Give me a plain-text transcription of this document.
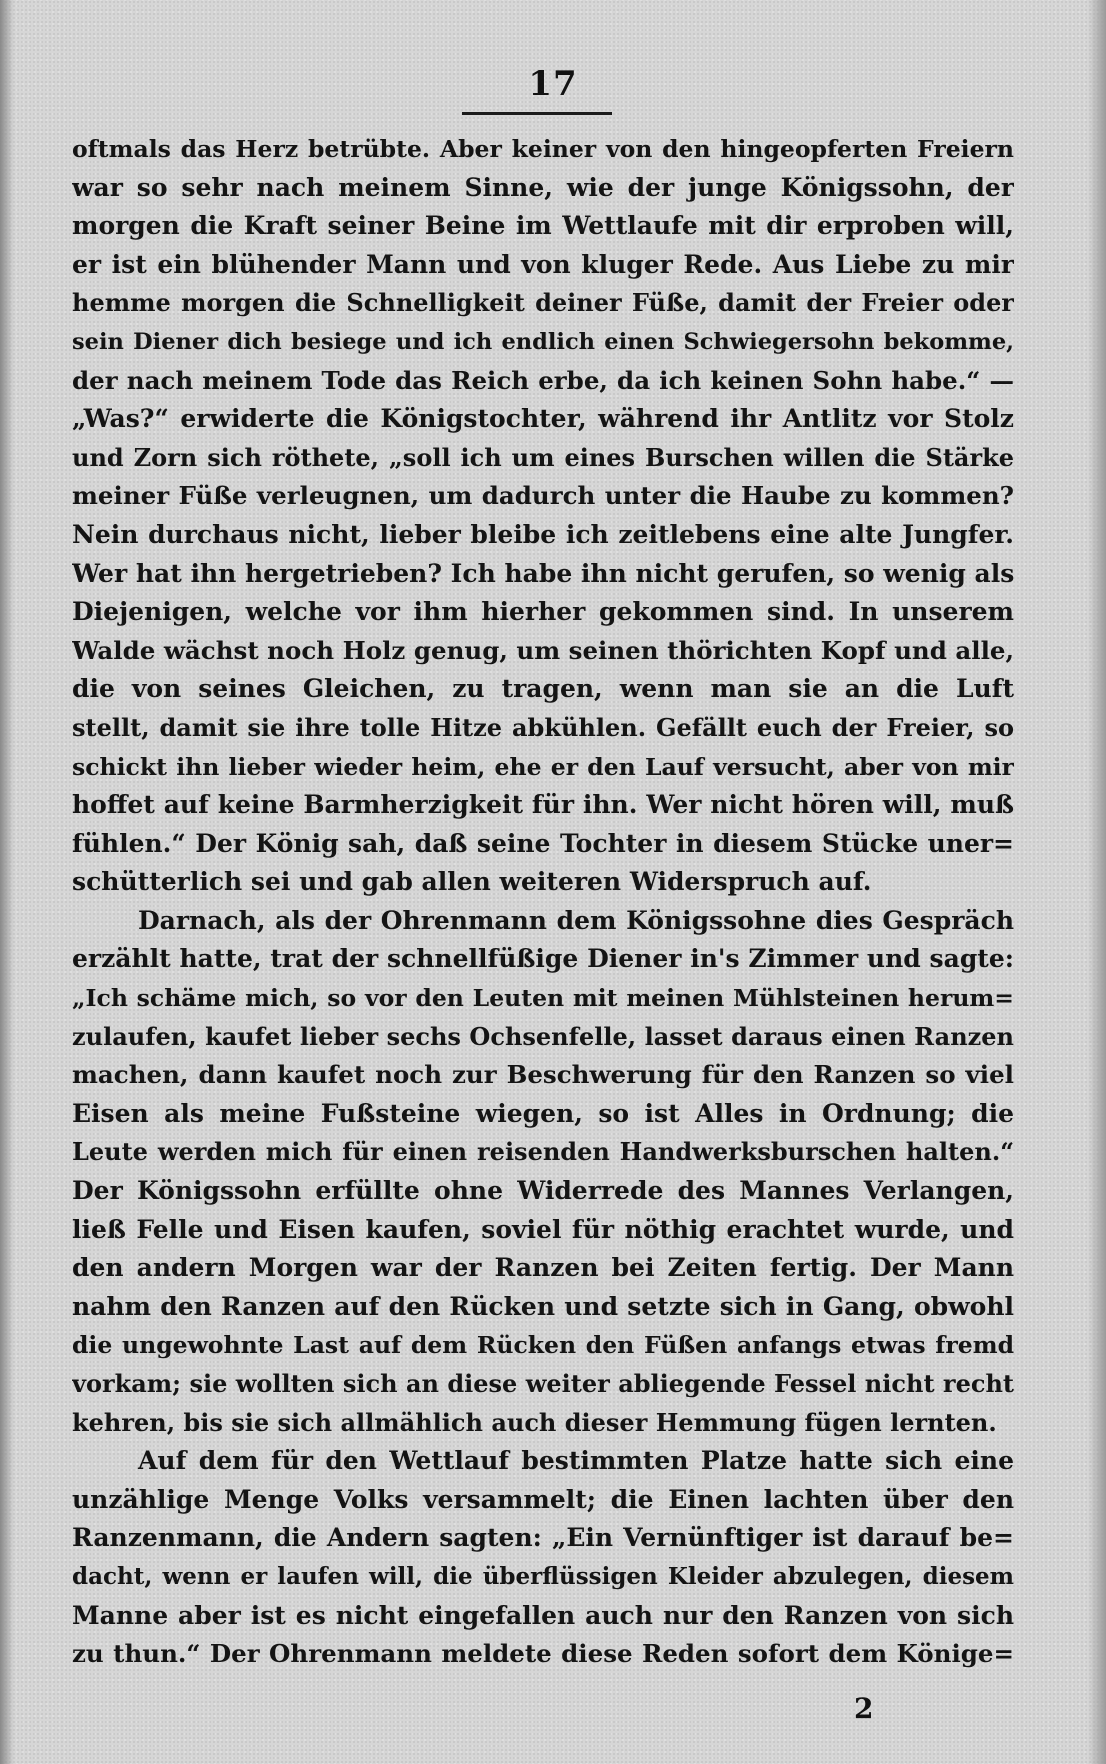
17
oftmals das Herz betrübte. Aber keiner von den hingeopferten Freiern
war so sehr nach meinem Sinne, wie der junge Königssohn, der
morgen die Kraft seiner Beine im Wettlaufe mit dir erproben will,
er ist ein blühender Mann und von kluger Rede. Aus Liebe zu mir
hemme morgen die Schnelligkeit deiner Füße, damit der Freier oder
sein Diener dich besiege und ich endlich einen Schwiegersohn bekomme,
der nach meinem Tode das Reich erbe, da ich keinen Sohn habe.“ —
„Was?“ erwiderte die Königstochter, während ihr Antlitz vor Stolz
und Zorn sich röthete, „soll ich um eines Burschen willen die Stärke
meiner Füße verleugnen, um dadurch unter die Haube zu kommen?
Nein durchaus nicht, lieber bleibe ich zeitlebens eine alte Jungfer.
Wer hat ihn hergetrieben? Ich habe ihn nicht gerufen, so wenig als
Diejenigen, welche vor ihm hierher gekommen sind. In unserem
Walde wächst noch Holz genug, um seinen thörichten Kopf und alle,
die von seines Gleichen, zu tragen, wenn man sie an die Luft
stellt, damit sie ihre tolle Hitze abkühlen. Gefällt euch der Freier, so
schickt ihn lieber wieder heim, ehe er den Lauf versucht, aber von mir
hoffet auf keine Barmherzigkeit für ihn. Wer nicht hören will, muß
fühlen.“ Der König sah, daß seine Tochter in diesem Stücke uner=
schütterlich sei und gab allen weiteren Widerspruch auf.
Darnach, als der Ohrenmann dem Königssohne dies Gespräch
erzählt hatte, trat der schnellfüßige Diener in's Zimmer und sagte:
„Ich schäme mich, so vor den Leuten mit meinen Mühlsteinen herum=
zulaufen, kaufet lieber sechs Ochsenfelle, lasset daraus einen Ranzen
machen, dann kaufet noch zur Beschwerung für den Ranzen so viel
Eisen als meine Fußsteine wiegen, so ist Alles in Ordnung; die
Leute werden mich für einen reisenden Handwerksburschen halten.“
Der Königssohn erfüllte ohne Widerrede des Mannes Verlangen,
ließ Felle und Eisen kaufen, soviel für nöthig erachtet wurde, und
den andern Morgen war der Ranzen bei Zeiten fertig. Der Mann
nahm den Ranzen auf den Rücken und setzte sich in Gang, obwohl
die ungewohnte Last auf dem Rücken den Füßen anfangs etwas fremd
vorkam; sie wollten sich an diese weiter abliegende Fessel nicht recht
kehren, bis sie sich allmählich auch dieser Hemmung fügen lernten.
Auf dem für den Wettlauf bestimmten Platze hatte sich eine
unzählige Menge Volks versammelt; die Einen lachten über den
Ranzenmann, die Andern sagten: „Ein Vernünftiger ist darauf be=
dacht, wenn er laufen will, die überflüssigen Kleider abzulegen, diesem
Manne aber ist es nicht eingefallen auch nur den Ranzen von sich
zu thun.“ Der Ohrenmann meldete diese Reden sofort dem Könige=
2
